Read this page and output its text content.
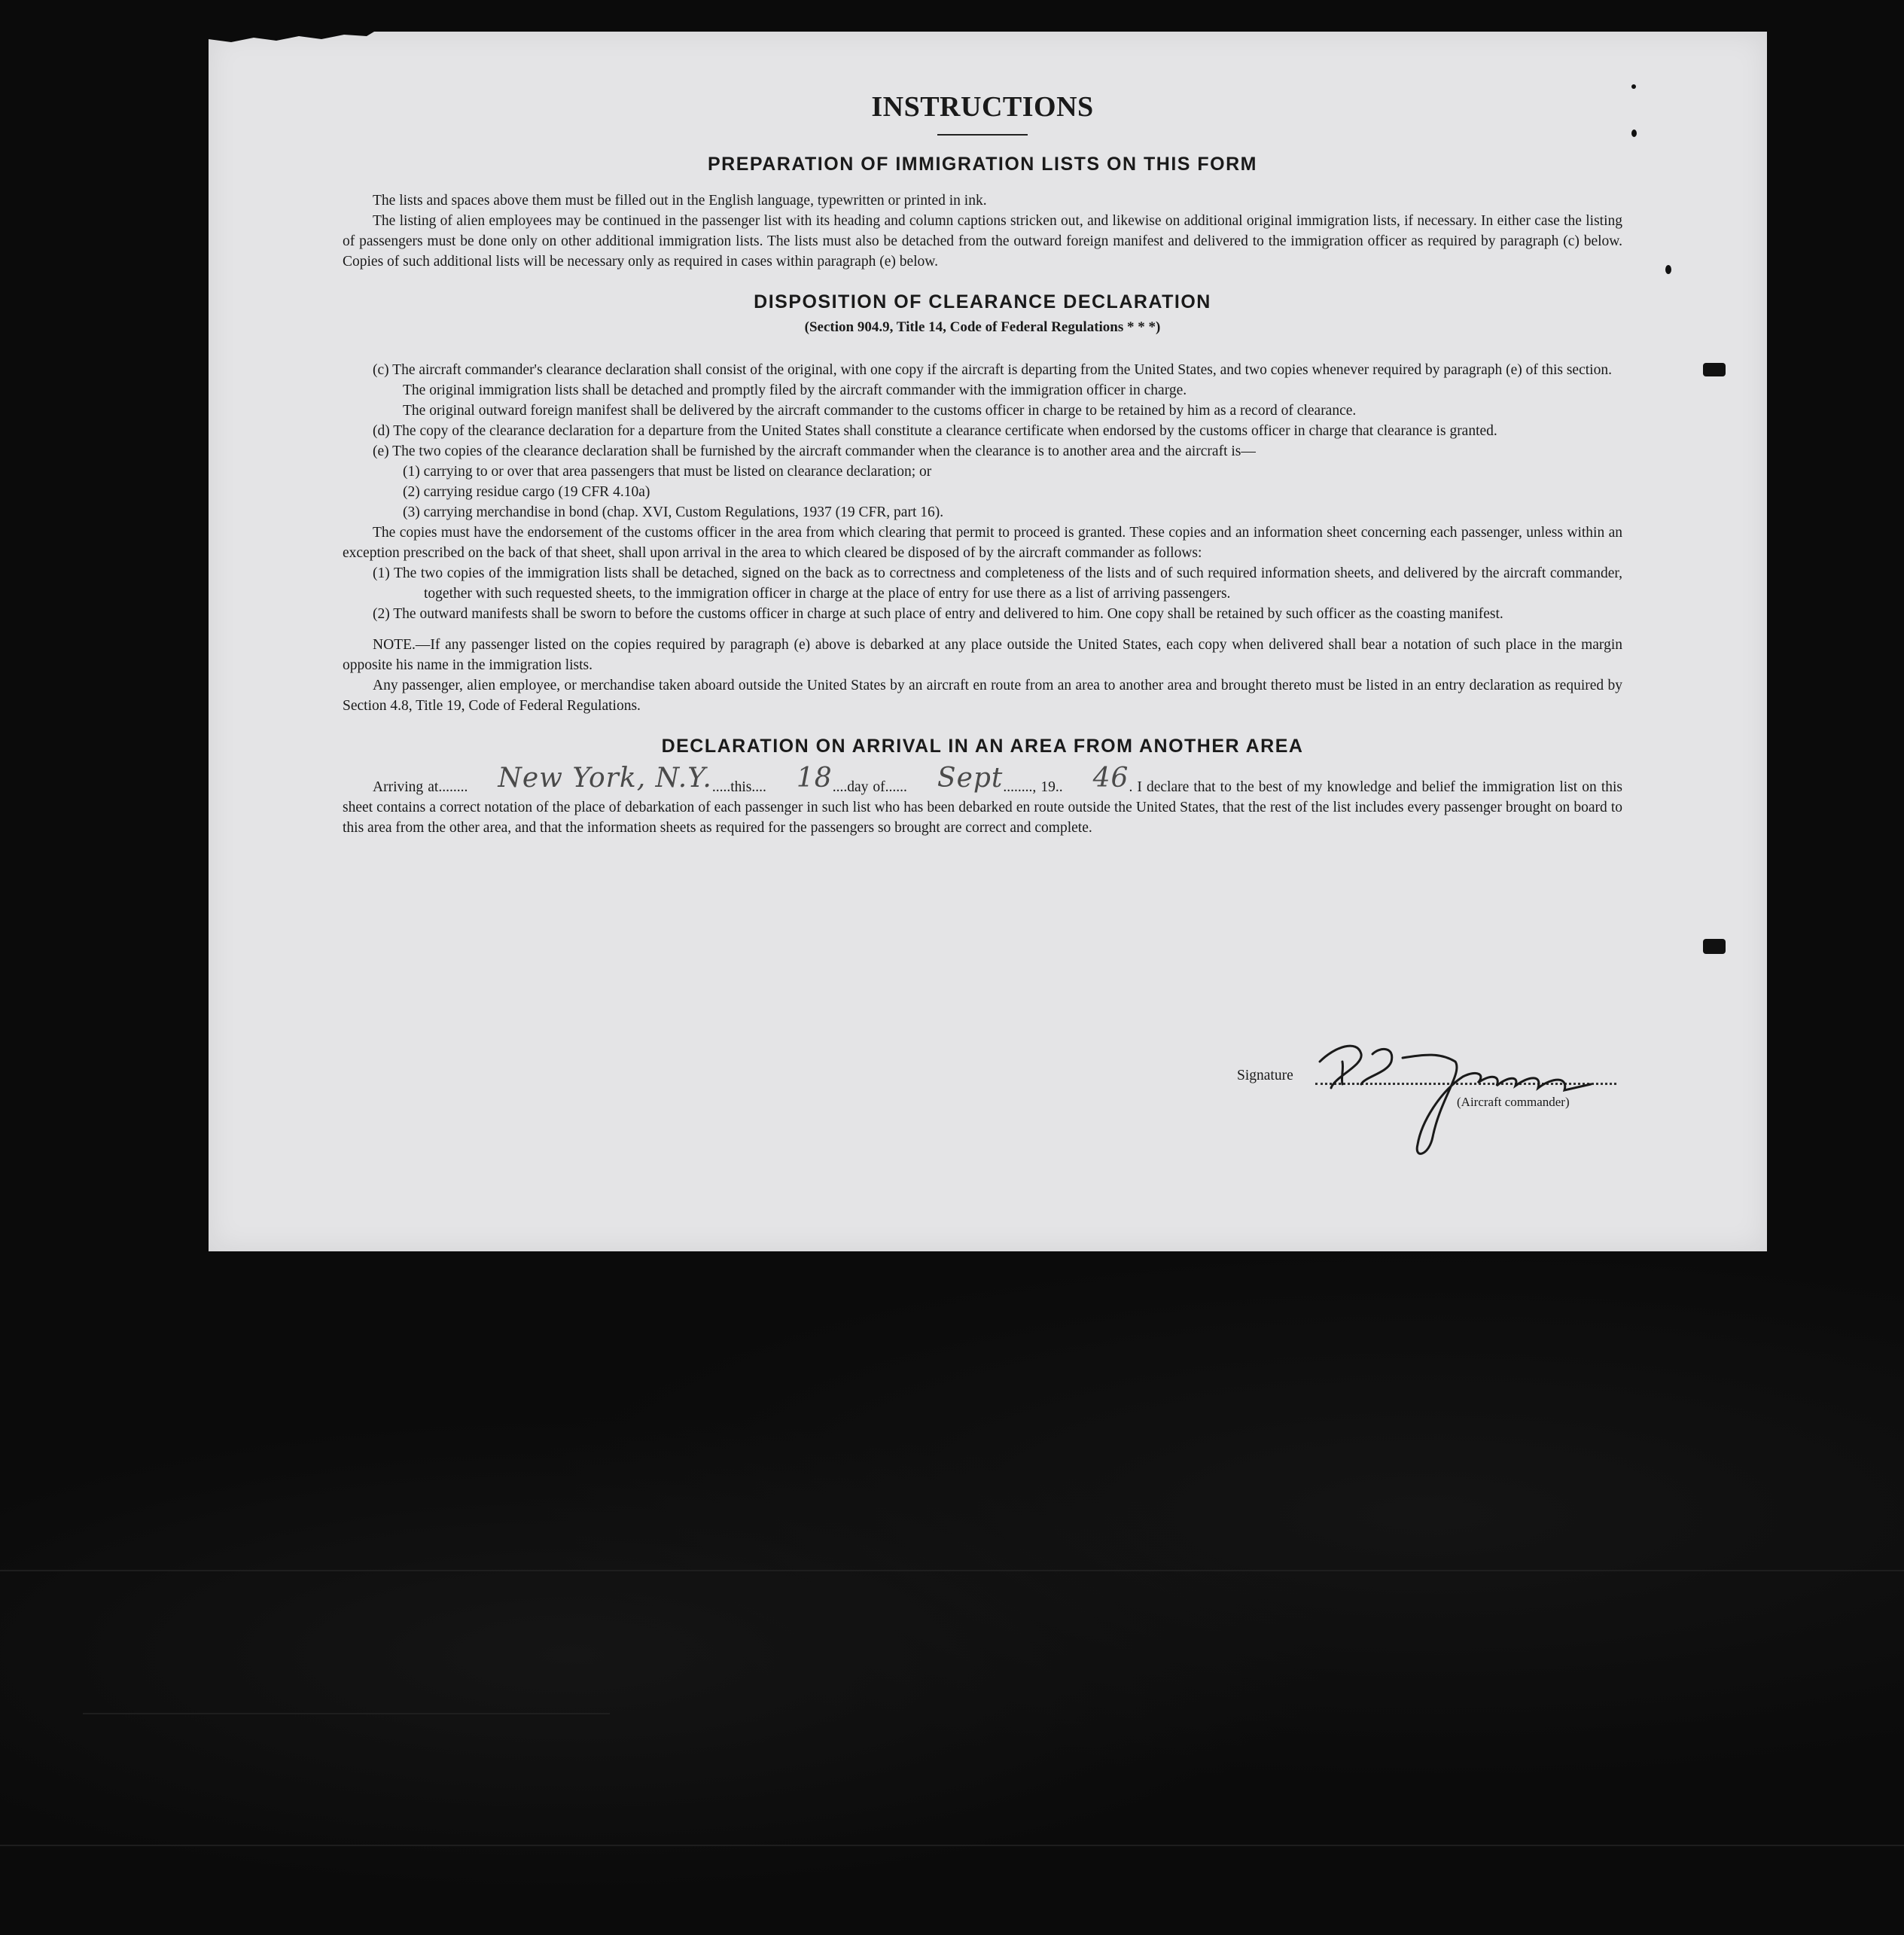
INSTRUCTIONS
PREPARATION OF IMMIGRATION LISTS ON THIS FORM

The lists and spaces above them must be filled out in the English language, typewritten or printed in ink.

The listing of alien employees may be continued in the passenger list with its heading and column captions stricken out, and likewise on additional original immigration lists, if necessary. In either case the listing of passengers must be done only on other additional immigration lists. The lists must also be detached from the outward foreign manifest and delivered to the immigration officer as required by paragraph (c) below. Copies of such additional lists will be necessary only as required in cases within paragraph (e) below.

DISPOSITION OF CLEARANCE DECLARATION
(Section 904.9, Title 14, Code of Federal Regulations * * *)

(c) The aircraft commander's clearance declaration shall consist of the original, with one copy if the aircraft is departing from the United States, and two copies whenever required by paragraph (e) of this section.

The original immigration lists shall be detached and promptly filed by the aircraft commander with the immigration officer in charge.

The original outward foreign manifest shall be delivered by the aircraft commander to the customs officer in charge to be retained by him as a record of clearance.

(d) The copy of the clearance declaration for a departure from the United States shall constitute a clearance certificate when endorsed by the customs officer in charge that clearance is granted.

(e) The two copies of the clearance declaration shall be furnished by the aircraft commander when the clearance is to another area and the aircraft is—

(1) carrying to or over that area passengers that must be listed on clearance declaration; or

(2) carrying residue cargo (19 CFR 4.10a)

(3) carrying merchandise in bond (chap. XVI, Custom Regulations, 1937 (19 CFR, part 16).

The copies must have the endorsement of the customs officer in the area from which clearing that permit to proceed is granted. These copies and an information sheet concerning each passenger, unless within an exception prescribed on the back of that sheet, shall upon arrival in the area to which cleared be disposed of by the aircraft commander as follows:

(1) The two copies of the immigration lists shall be detached, signed on the back as to correctness and completeness of the lists and of such required information sheets, and delivered by the aircraft commander, together with such requested sheets, to the immigration officer in charge at the place of entry for use there as a list of arriving passengers.

(2) The outward manifests shall be sworn to before the customs officer in charge at such place of entry and delivered to him. One copy shall be retained by such officer as the coasting manifest.

NOTE.—If any passenger listed on the copies required by paragraph (e) above is debarked at any place outside the United States, each copy when delivered shall bear a notation of such place in the margin opposite his name in the immigration lists.

Any passenger, alien employee, or merchandise taken aboard outside the United States by an aircraft en route from an area to another area and brought thereto must be listed in an entry declaration as required by Section 4.8, Title 19, Code of Federal Regulations.

DECLARATION ON ARRIVAL IN AN AREA FROM ANOTHER AREA

Arriving at........ New York, N.Y......this.... 18....day of...... Sept........, 19.. 46. I declare that to the best of my knowledge and belief the immigration list on this sheet contains a correct notation of the place of debarkation of each passenger in such list who has been debarked en route outside the United States, that the rest of the list includes every passenger brought on board to this area from the other area, and that the information sheets as required for the passengers so brought are correct and complete.

Signature
(Aircraft commander)
